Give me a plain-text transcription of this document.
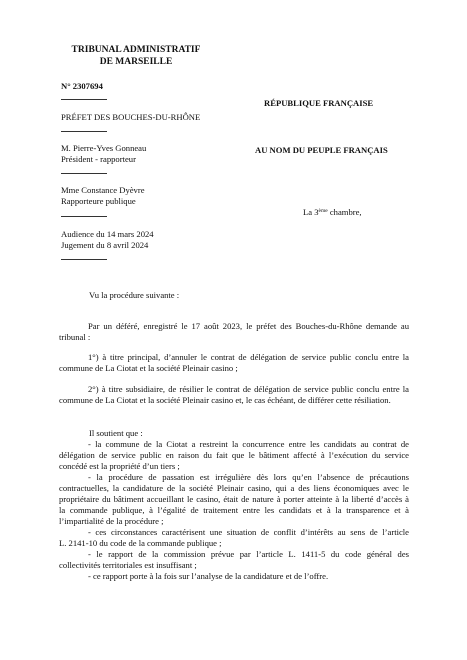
TRIBUNAL ADMINISTRATIF
DE MARSEILLE
N° 2307694
PRÉFET DES BOUCHES-DU-RHÔNE
M. Pierre-Yves Gonneau
Président - rapporteur
Mme Constance Dyèvre
Rapporteure publique
Audience du 14 mars 2024
Jugement du 8 avril 2024
RÉPUBLIQUE FRANÇAISE
AU NOM DU PEUPLE FRANÇAIS
La 3ème chambre,
Vu la procédure suivante :
Par un déféré, enregistré le 17 août 2023, le préfet des Bouches-du-Rhône demande au
tribunal :
1°) à titre principal, d’annuler le contrat de délégation de service public conclu entre la
commune de La Ciotat et la société Pleinair casino ;
2°) à titre subsidiaire, de résilier le contrat de délégation de service public conclu entre la
commune de La Ciotat et la société Pleinair casino et, le cas échéant, de différer cette résiliation.
Il soutient que :
- la commune de la Ciotat a restreint la concurrence entre les candidats au contrat de
délégation de service public en raison du fait que le bâtiment affecté à l’exécution du service
concédé est la propriété d’un tiers ;
- la procédure de passation est irrégulière dès lors qu’en l’absence de précautions
contractuelles, la candidature de la société Pleinair casino, qui a des liens économiques avec le
propriétaire du bâtiment accueillant le casino, était de nature à porter atteinte à la liberté d’accès à
la commande publique, à l’égalité de traitement entre les candidats et à la transparence et à
l’impartialité de la procédure ;
- ces circonstances caractérisent une situation de conflit d’intérêts au sens de l’article
L. 2141-10 du code de la commande publique ;
- le rapport de la commission prévue par l’article L. 1411-5 du code général des
collectivités territoriales est insuffisant ;
- ce rapport porte à la fois sur l’analyse de la candidature et de l’offre.
